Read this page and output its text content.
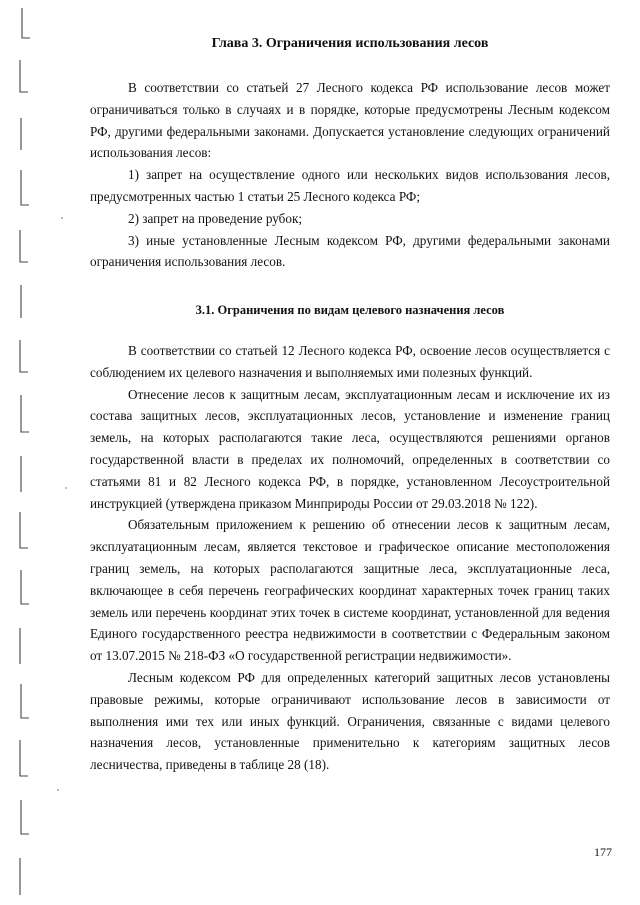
Глава 3. Ограничения использования лесов

В соответствии со статьей 27 Лесного кодекса РФ использование лесов может ограничиваться только в случаях и в порядке, которые предусмотрены Лесным кодексом РФ, другими федеральными законами. Допускается установление следующих ограничений использования лесов:

1) запрет на осуществление одного или нескольких видов использования лесов, предусмотренных частью 1 статьи 25 Лесного кодекса РФ;

2) запрет на проведение рубок;

3) иные установленные Лесным кодексом РФ, другими федеральными законами ограничения использования лесов.

3.1. Ограничения по видам целевого назначения лесов

В соответствии со статьей 12 Лесного кодекса РФ, освоение лесов осуществляется с соблюдением их целевого назначения и выполняемых ими полезных функций.

Отнесение лесов к защитным лесам, эксплуатационным лесам и исключение их из состава защитных лесов, эксплуатационных лесов, установление и изменение границ земель, на которых располагаются такие леса, осуществляются решениями органов государственной власти в пределах их полномочий, определенных в соответствии со статьями 81 и 82 Лесного кодекса РФ, в порядке, установленном Лесоустроительной инструкцией (утверждена приказом Минприроды России от 29.03.2018 № 122).

Обязательным приложением к решению об отнесении лесов к защитным лесам, эксплуатационным лесам, является текстовое и графическое описание местоположения границ земель, на которых располагаются защитные леса, эксплуатационные леса, включающее в себя перечень географических координат характерных точек границ таких земель или перечень координат этих точек в системе координат, установленной для ведения Единого государственного реестра недвижимости в соответствии с Федеральным законом от 13.07.2015 № 218-ФЗ «О государственной регистрации недвижимости».

Лесным кодексом РФ для определенных категорий защитных лесов установлены правовые режимы, которые ограничивают использование лесов в зависимости от выполнения ими тех или иных функций. Ограничения, связанные с видами целевого назначения лесов, установленные применительно к категориям защитных лесов лесничества, приведены в таблице 28 (18).

177
